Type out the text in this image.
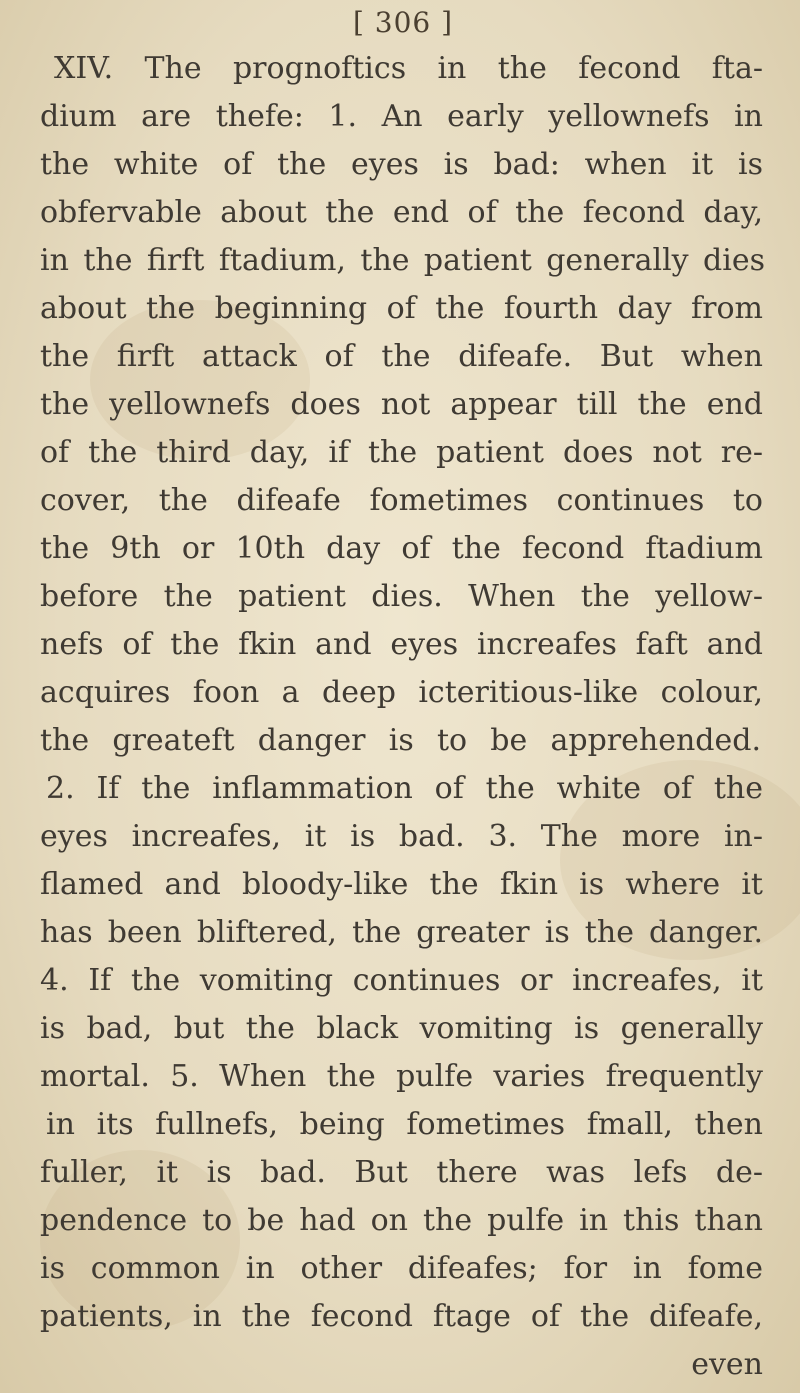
[ 306 ]
XIV. The prognoftics in the fecond fta-
dium are thefe: 1. An early yellownefs in
the white of the eyes is bad: when it is
obfervable about the end of the fecond day,
in the firft ftadium, the patient generally dies
about the beginning of the fourth day from
the firft attack of the difeafe. But when
the yellownefs does not appear till the end
of the third day, if the patient does not re-
cover, the difeafe fometimes continues to
the 9th or 10th day of the fecond ftadium
before the patient dies. When the yellow-
nefs of the fkin and eyes increafes faft and
acquires foon a deep icteritious-like colour,
the greateft danger is to be apprehended.
2. If the inflammation of the white of the
eyes increafes, it is bad. 3. The more in-
flamed and bloody-like the fkin is where it
has been bliftered, the greater is the danger.
4. If the vomiting continues or increafes, it
is bad, but the black vomiting is generally
mortal. 5. When the pulfe varies frequently
in its fullnefs, being fometimes fmall, then
fuller, it is bad. But there was lefs de-
pendence to be had on the pulfe in this than
is common in other difeafes; for in fome
patients, in the fecond ftage of the difeafe,
even
